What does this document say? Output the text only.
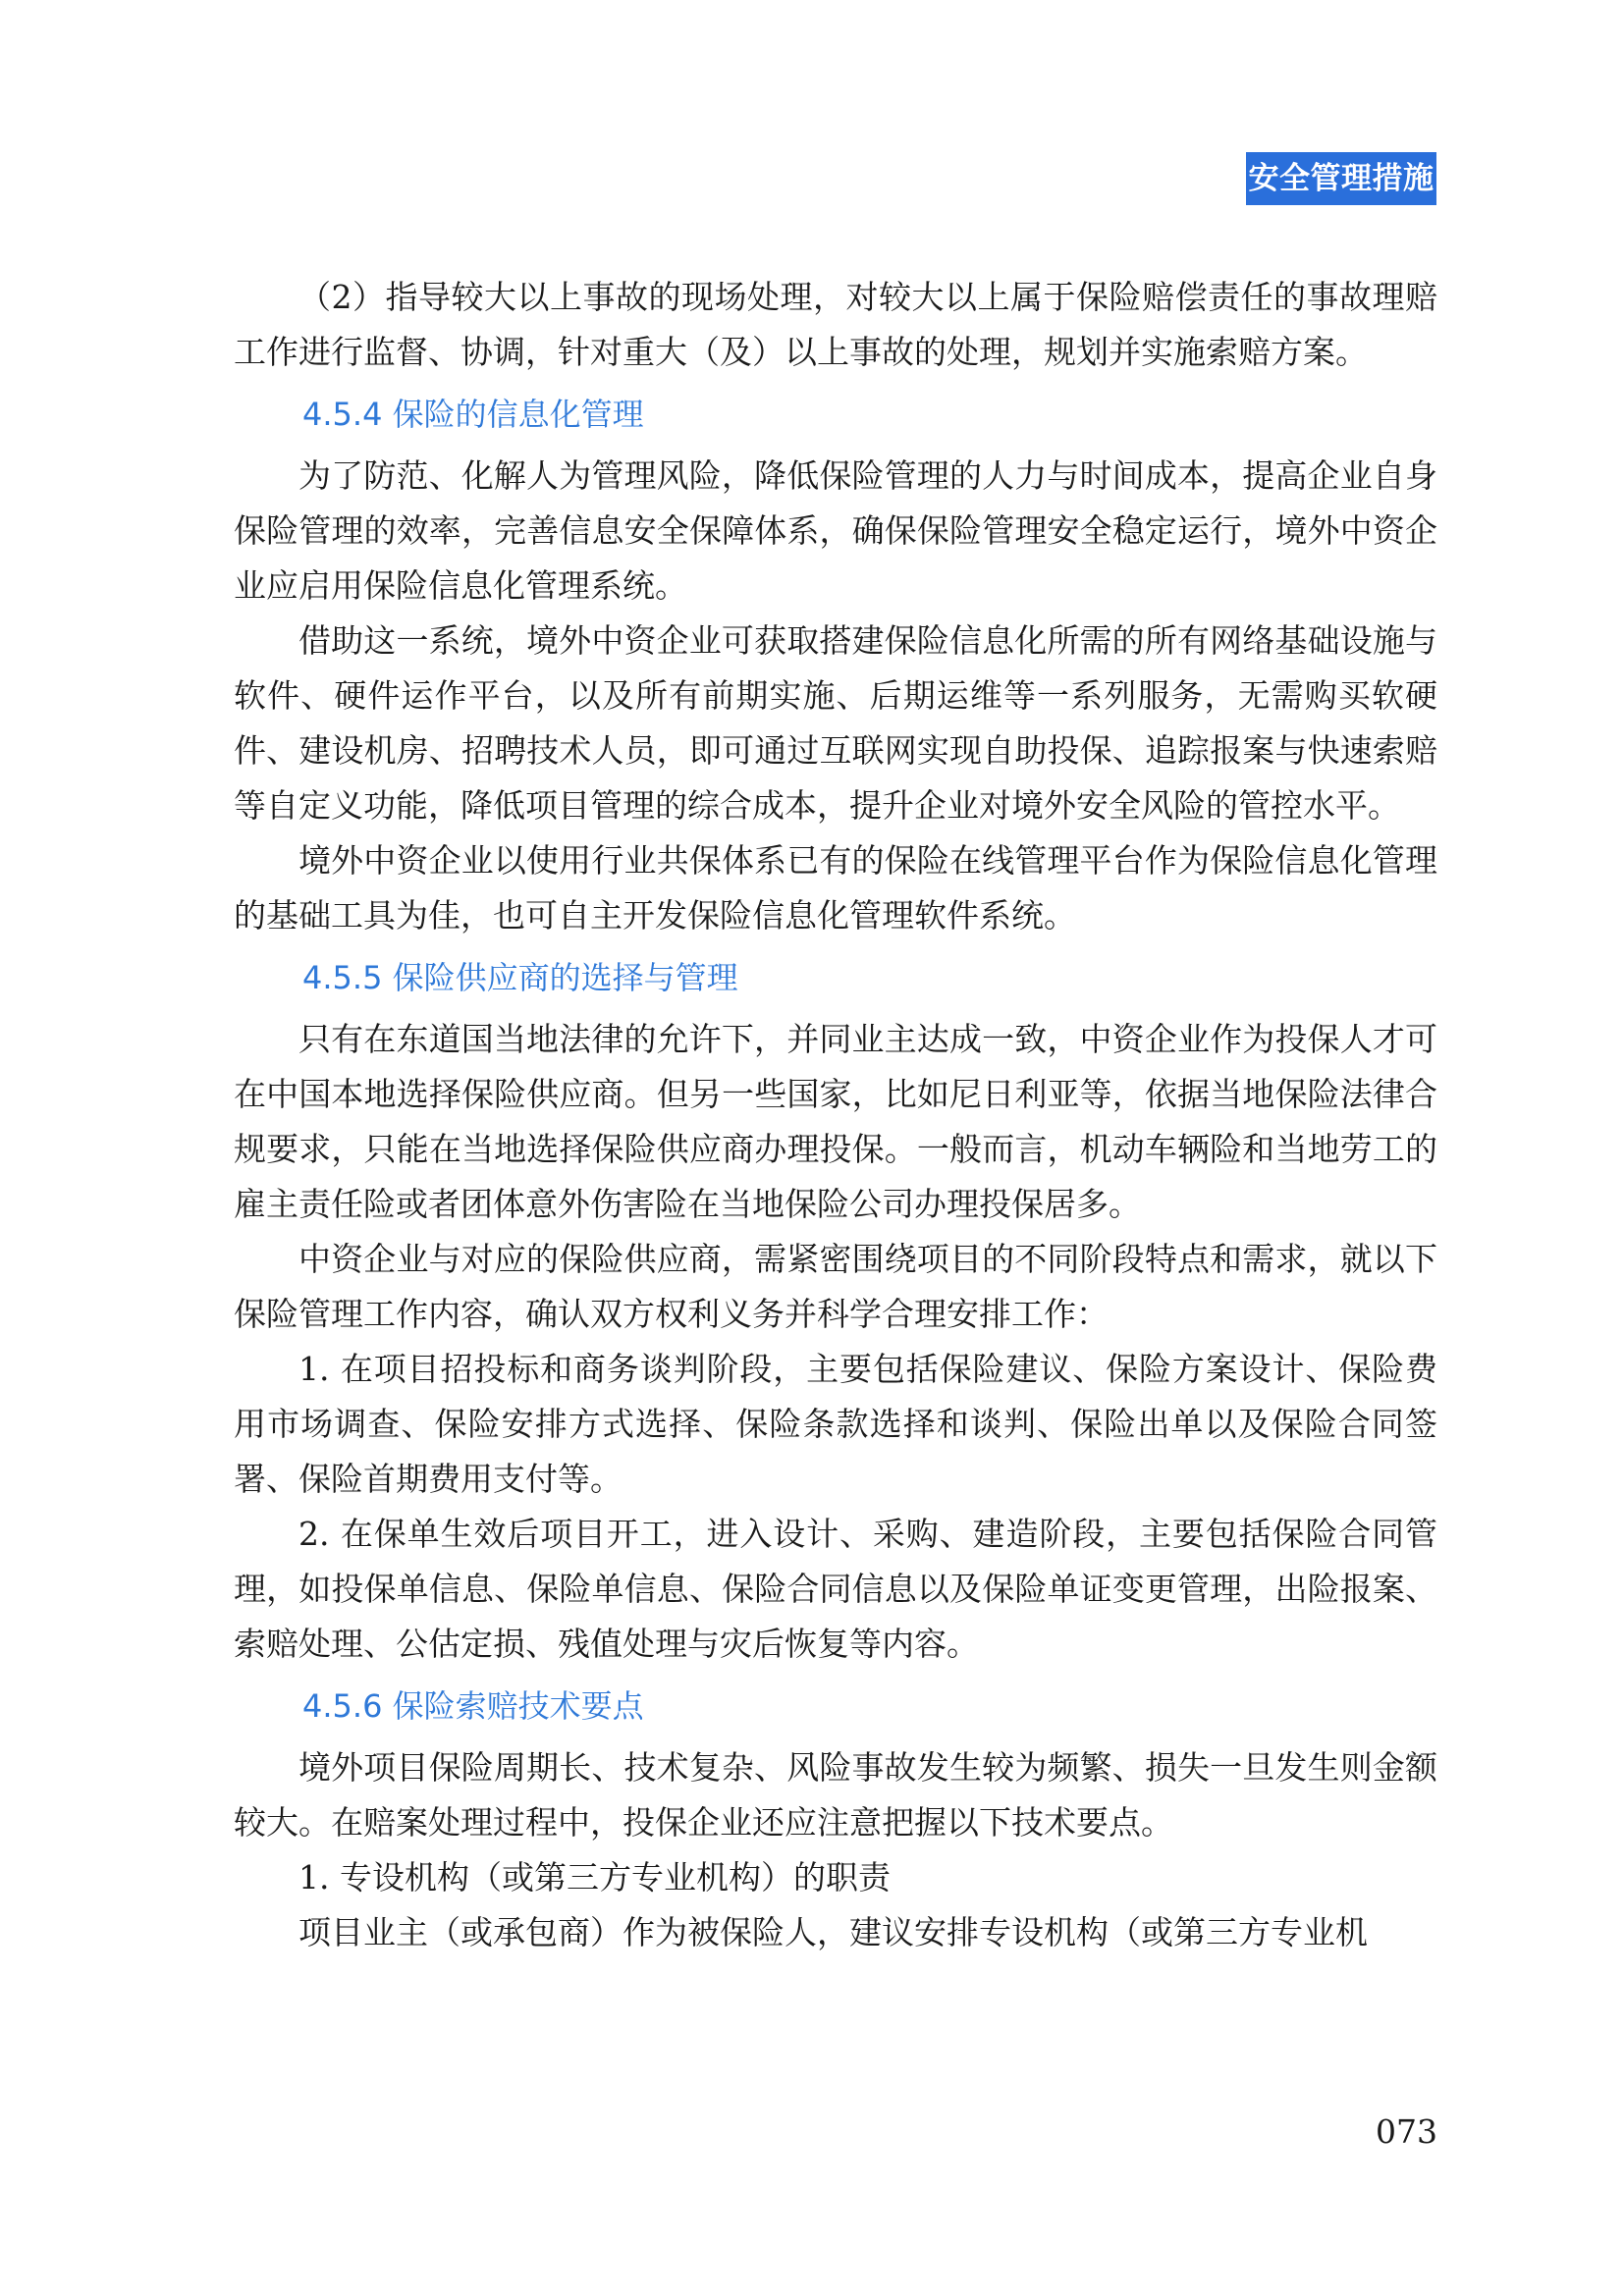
安全管理措施

（2）指导较大以上事故的现场处理，对较大以上属于保险赔偿责任的事故理赔工作进行监督、协调，针对重大（及）以上事故的处理，规划并实施索赔方案。

4.5.4 保险的信息化管理

为了防范、化解人为管理风险，降低保险管理的人力与时间成本，提高企业自身保险管理的效率，完善信息安全保障体系，确保保险管理安全稳定运行，境外中资企业应启用保险信息化管理系统。

借助这一系统，境外中资企业可获取搭建保险信息化所需的所有网络基础设施与软件、硬件运作平台，以及所有前期实施、后期运维等一系列服务，无需购买软硬件、建设机房、招聘技术人员，即可通过互联网实现自助投保、追踪报案与快速索赔等自定义功能，降低项目管理的综合成本，提升企业对境外安全风险的管控水平。

境外中资企业以使用行业共保体系已有的保险在线管理平台作为保险信息化管理的基础工具为佳，也可自主开发保险信息化管理软件系统。

4.5.5 保险供应商的选择与管理

只有在东道国当地法律的允许下，并同业主达成一致，中资企业作为投保人才可在中国本地选择保险供应商。但另一些国家，比如尼日利亚等，依据当地保险法律合规要求，只能在当地选择保险供应商办理投保。一般而言，机动车辆险和当地劳工的雇主责任险或者团体意外伤害险在当地保险公司办理投保居多。

中资企业与对应的保险供应商，需紧密围绕项目的不同阶段特点和需求，就以下保险管理工作内容，确认双方权利义务并科学合理安排工作：

1. 在项目招投标和商务谈判阶段，主要包括保险建议、保险方案设计、保险费用市场调查、保险安排方式选择、保险条款选择和谈判、保险出单以及保险合同签署、保险首期费用支付等。

2. 在保单生效后项目开工，进入设计、采购、建造阶段，主要包括保险合同管理，如投保单信息、保险单信息、保险合同信息以及保险单证变更管理，出险报案、索赔处理、公估定损、残值处理与灾后恢复等内容。

4.5.6 保险索赔技术要点

境外项目保险周期长、技术复杂、风险事故发生较为频繁、损失一旦发生则金额较大。在赔案处理过程中，投保企业还应注意把握以下技术要点。

1. 专设机构（或第三方专业机构）的职责

项目业主（或承包商）作为被保险人，建议安排专设机构（或第三方专业机

073
